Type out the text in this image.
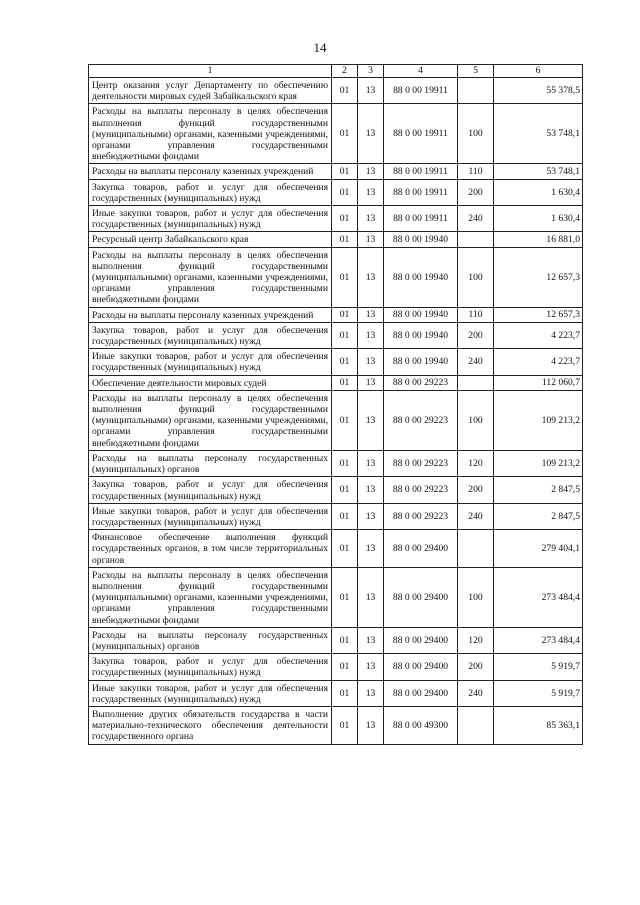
14
1	2	3	4	5	6
Центр оказания услуг Департаменту по обеспечению деятельности мировых судей Забайкальского края	01	13	88 0 00 19911		55 378,5
Расходы на выплаты персоналу в целях обеспечения выполнения функций государственными (муниципальными) органами, казенными учреждениями, органами управления государственными внебюджетными фондами	01	13	88 0 00 19911	100	53 748,1
Расходы на выплаты персоналу казенных учреждений	01	13	88 0 00 19911	110	53 748,1
Закупка товаров, работ и услуг для обеспечения государственных (муниципальных) нужд	01	13	88 0 00 19911	200	1 630,4
Иные закупки товаров, работ и услуг для обеспечения государственных (муниципальных) нужд	01	13	88 0 00 19911	240	1 630,4
Ресурсный центр Забайкальского края	01	13	88 0 00 19940		16 881,0
Расходы на выплаты персоналу в целях обеспечения выполнения функций государственными (муниципальными) органами, казенными учреждениями, органами управления государственными внебюджетными фондами	01	13	88 0 00 19940	100	12 657,3
Расходы на выплаты персоналу казенных учреждений	01	13	88 0 00 19940	110	12 657,3
Закупка товаров, работ и услуг для обеспечения государственных (муниципальных) нужд	01	13	88 0 00 19940	200	4 223,7
Иные закупки товаров, работ и услуг для обеспечения государственных (муниципальных) нужд	01	13	88 0 00 19940	240	4 223,7
Обеспечение деятельности мировых судей	01	13	88 0 00 29223		112 060,7
Расходы на выплаты персоналу в целях обеспечения выполнения функций государственными (муниципальными) органами, казенными учреждениями, органами управления государственными внебюджетными фондами	01	13	88 0 00 29223	100	109 213,2
Расходы на выплаты персоналу государственных (муниципальных) органов	01	13	88 0 00 29223	120	109 213,2
Закупка товаров, работ и услуг для обеспечения государственных (муниципальных) нужд	01	13	88 0 00 29223	200	2 847,5
Иные закупки товаров, работ и услуг для обеспечения государственных (муниципальных) нужд	01	13	88 0 00 29223	240	2 847,5
Финансовое обеспечение выполнения функций государственных органов, в том числе территориальных органов	01	13	88 0 00 29400		279 404,1
Расходы на выплаты персоналу в целях обеспечения выполнения функций государственными (муниципальными) органами, казенными учреждениями, органами управления государственными внебюджетными фондами	01	13	88 0 00 29400	100	273 484,4
Расходы на выплаты персоналу государственных (муниципальных) органов	01	13	88 0 00 29400	120	273 484,4
Закупка товаров, работ и услуг для обеспечения государственных (муниципальных) нужд	01	13	88 0 00 29400	200	5 919,7
Иные закупки товаров, работ и услуг для обеспечения государственных (муниципальных) нужд	01	13	88 0 00 29400	240	5 919,7
Выполнение других обязательств государства в части материально-технического обеспечения деятельности государственного органа	01	13	88 0 00 49300		85 363,1
